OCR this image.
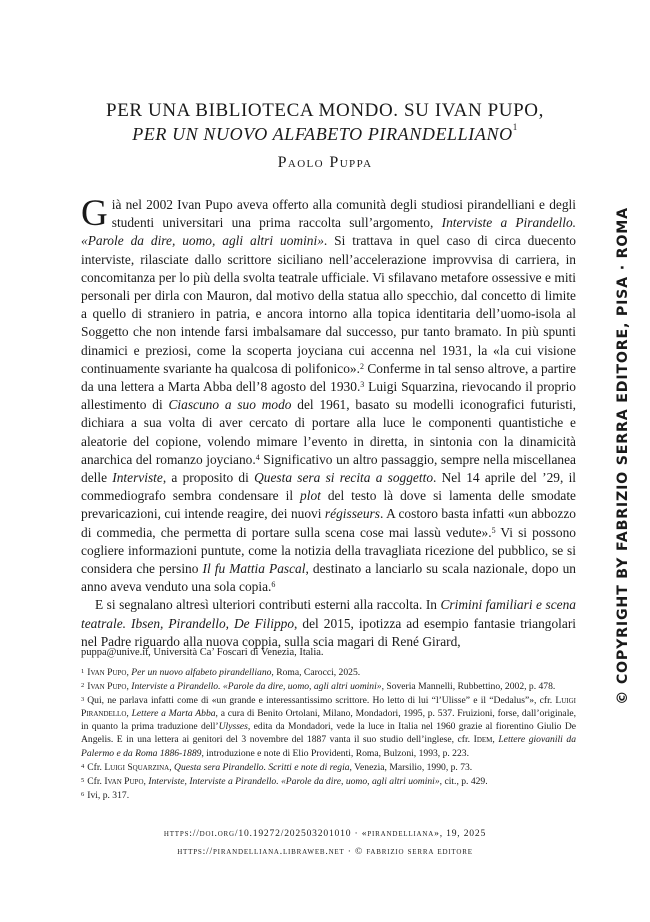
PER UNA BIBLIOTECA MONDO. SU IVAN PUPO,
PER UN NUOVO ALFABETO PIRANDELLIANO$^1$
Paolo Puppa

Già nel 2002 Ivan Pupo aveva offerto alla comunità degli studiosi pirandelliani e degli studenti universitari una prima raccolta sull’argomento, Interviste a Pirandello. «Parole da dire, uomo, agli altri uomini». Si trattava in quel caso di circa duecento interviste, rilasciate dallo scrittore siciliano nell’accelerazione improvvisa di carriera, in concomitanza per lo più della svolta teatrale ufficiale. Vi sfilavano metafore ossessive e miti personali per dirla con Mauron, dal motivo della statua allo specchio, dal concetto di limite a quello di straniero in patria, e ancora intorno alla topica identitaria dell’uomo-isola al Soggetto che non intende farsi imbalsamare dal successo, pur tanto bramato. In più spunti dinamici e preziosi, come la scoperta joyciana cui accenna nel 1931, la «la cui visione continuamente svariante ha qualcosa di polifonico».$^2$ Conferme in tal senso altrove, a partire da una lettera a Marta Abba dell’8 agosto del 1930.$^3$ Luigi Squarzina, rievocando il proprio allestimento di Ciascuno a suo modo del 1961, basato su modelli iconografici futuristi, dichiara a sua volta di aver cercato di portare alla luce le componenti quantistiche e aleatorie del copione, volendo mimare l’evento in diretta, in sintonia con la dinamicità anarchica del romanzo joyciano.$^4$ Significativo un altro passaggio, sempre nella miscellanea delle Interviste, a proposito di Questa sera si recita a soggetto. Nel 14 aprile del ’29, il commediografo sembra condensare il plot del testo là dove si lamenta delle smodate prevaricazioni, cui intende reagire, dei nuovi régisseurs. A costoro basta infatti «un abbozzo di commedia, che permetta di portare sulla scena cose mai lassù vedute».$^5$ Vi si possono cogliere informazioni puntute, come la notizia della travagliata ricezione del pubblico, se si considera che persino Il fu Mattia Pascal, destinato a lanciarlo su scala nazionale, dopo un anno aveva venduto una sola copia.$^6$

E si segnalano altresì ulteriori contributi esterni alla raccolta. In Crimini familiari e scena teatrale. Ibsen, Pirandello, De Filippo, del 2015, ipotizza ad esempio fantasie triangolari nel Padre riguardo alla nuova coppia, sulla scia magari di René Girard,

puppa@unive.it, Università Ca’ Foscari di Venezia, Italia.
$^1$ Ivan Pupo, Per un nuovo alfabeto pirandelliano, Roma, Carocci, 2025.
$^2$ Ivan Pupo, Interviste a Pirandello. «Parole da dire, uomo, agli altri uomini», Soveria Mannelli, Rubbettino, 2002, p. 478.
$^3$ Qui, ne parlava infatti come di «un grande e interessantissimo scrittore. Ho letto di lui “l’Ulisse” e il “Dedalus”», cfr. Luigi Pirandello, Lettere a Marta Abba, a cura di Benito Ortolani, Milano, Mondadori, 1995, p. 537. Fruizioni, forse, dall’originale, in quanto la prima traduzione dell’Ulysses, edita da Mondadori, vede la luce in Italia nel 1960 grazie al fiorentino Giulio De Angelis. E in una lettera ai genitori del 3 novembre del 1887 vanta il suo studio dell’inglese, cfr. Idem, Lettere giovanili da Palermo e da Roma 1886-1889, introduzione e note di Elio Providenti, Roma, Bulzoni, 1993, p. 223.
$^4$ Cfr. Luigi Squarzina, Questa sera Pirandello. Scritti e note di regia, Venezia, Marsilio, 1990, p. 73.
$^5$ Cfr. Ivan Pupo, Interviste, Interviste a Pirandello. «Parole da dire, uomo, agli altri uomini», cit., p. 429.
$^6$ Ivi, p. 317.
https://doi.org/10.19272/202503201010 · «pirandelliana», 19, 2025
https://pirandelliana.libraweb.net · © fabrizio serra editore
© COPYRIGHT BY FABRIZIO SERRA EDITORE, PISA · ROMA
